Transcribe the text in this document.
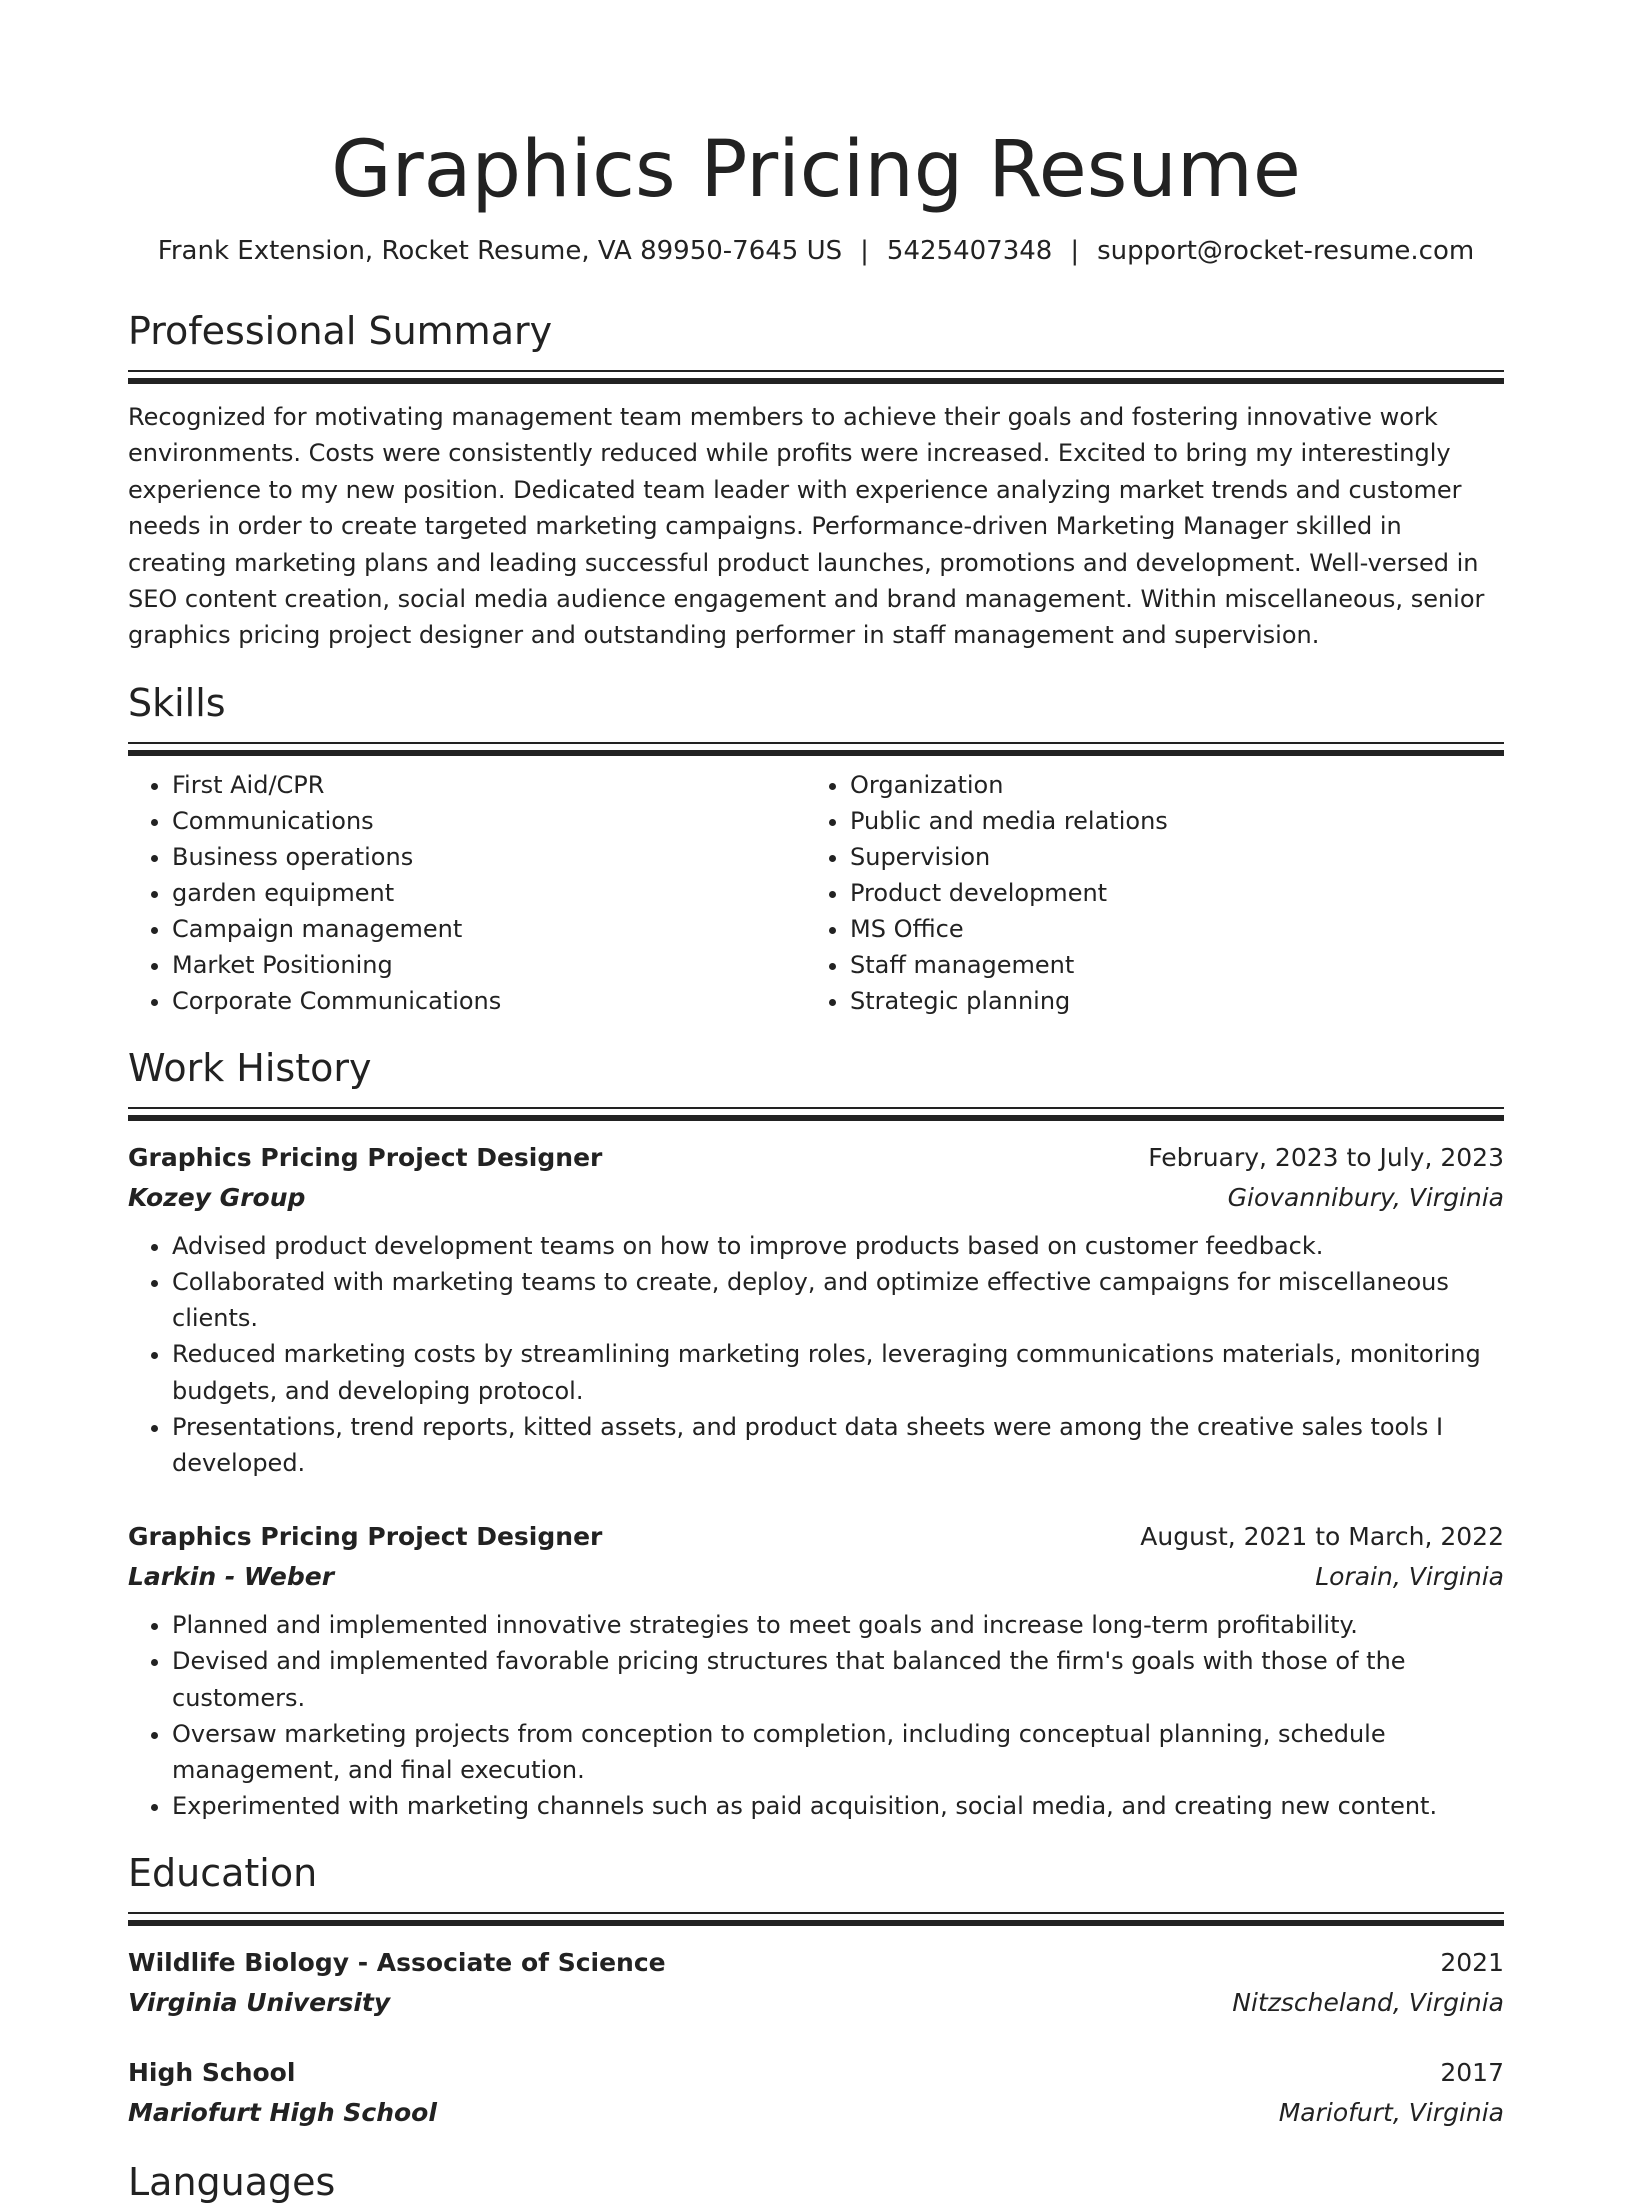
Graphics Pricing Resume
Frank Extension, Rocket Resume, VA 89950-7645 US | 5425407348 | support@rocket-resume.com
Professional Summary

Recognized for motivating management team members to achieve their goals and fostering innovative work environments. Costs were consistently reduced while profits were increased. Excited to bring my interestingly experience to my new position. Dedicated team leader with experience analyzing market trends and customer needs in order to create targeted marketing campaigns. Performance-driven Marketing Manager skilled in creating marketing plans and leading successful product launches, promotions and development. Well-versed in SEO content creation, social media audience engagement and brand management. Within miscellaneous, senior graphics pricing project designer and outstanding performer in staff management and supervision.

Skills
• First Aid/CPR
• Communications
• Business operations
• garden equipment
• Campaign management
• Market Positioning
• Corporate Communications
• Organization
• Public and media relations
• Supervision
• Product development
• MS Office
• Staff management
• Strategic planning
Work History
Graphics Pricing Project Designer	February, 2023 to July, 2023
Kozey Group	Giovannibury, Virginia
• Advised product development teams on how to improve products based on customer feedback.
• Collaborated with marketing teams to create, deploy, and optimize effective campaigns for miscellaneous clients.
• Reduced marketing costs by streamlining marketing roles, leveraging communications materials, monitoring budgets, and developing protocol.
• Presentations, trend reports, kitted assets, and product data sheets were among the creative sales tools I developed.
Graphics Pricing Project Designer	August, 2021 to March, 2022
Larkin - Weber	Lorain, Virginia
• Planned and implemented innovative strategies to meet goals and increase long-term profitability.
• Devised and implemented favorable pricing structures that balanced the firm's goals with those of the customers.
• Oversaw marketing projects from conception to completion, including conceptual planning, schedule management, and final execution.
• Experimented with marketing channels such as paid acquisition, social media, and creating new content.
Education
Wildlife Biology - Associate of Science	2021
Virginia University	Nitzscheland, Virginia
High School	2017
Mariofurt High School	Mariofurt, Virginia
Languages
